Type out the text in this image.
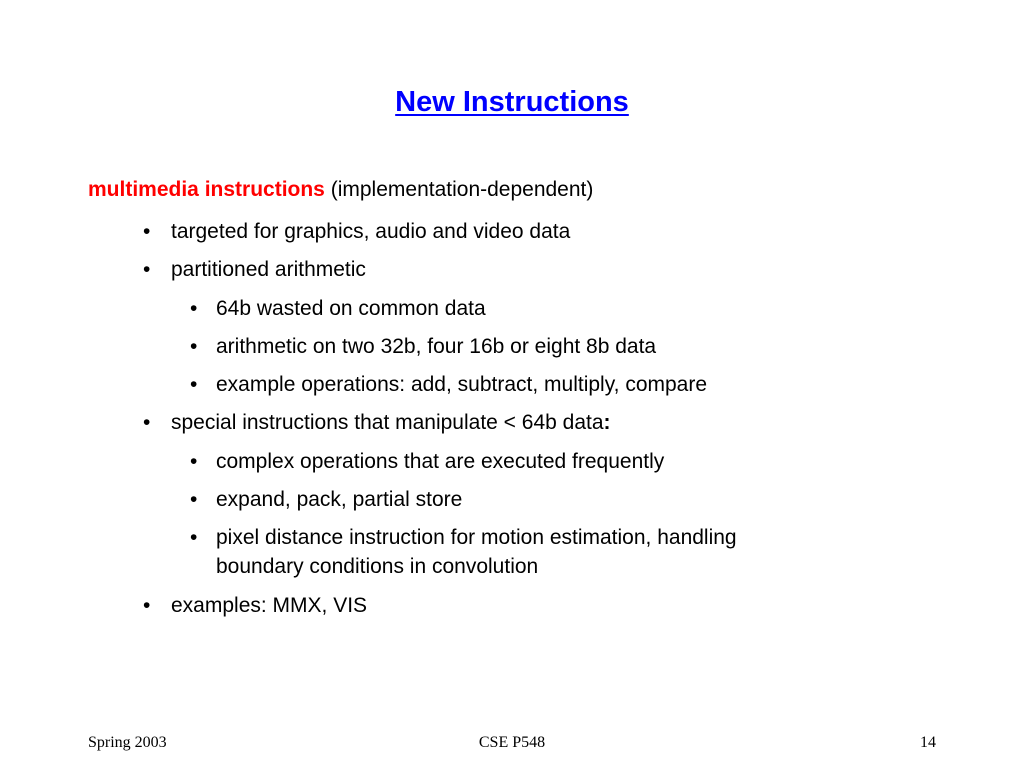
New Instructions
multimedia instructions (implementation-dependent)
• targeted for graphics, audio and video data
• partitioned arithmetic
• 64b wasted on common data
• arithmetic on two 32b, four 16b or eight 8b data
• example operations: add, subtract, multiply, compare
• special instructions that manipulate < 64b data:
• complex operations that are executed frequently
• expand, pack, partial store
• pixel distance instruction for motion estimation, handling
boundary conditions in convolution
• examples: MMX, VIS
Spring 2003	CSE P548	14
